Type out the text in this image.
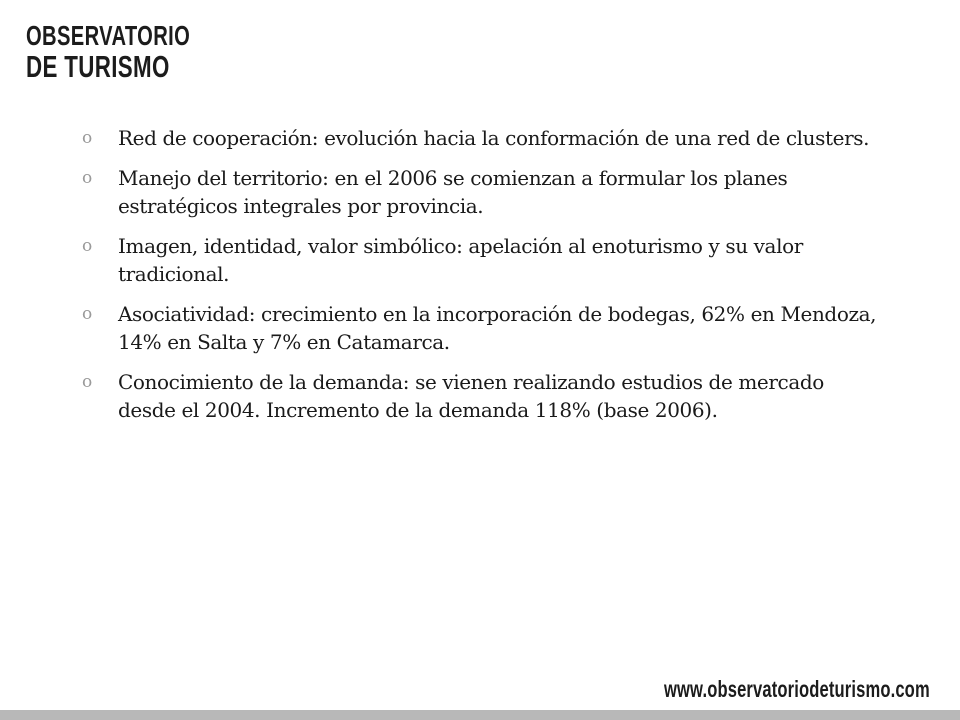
OBSERVATORIO
DE TURISMO
o Red de cooperación: evolución hacia la conformación de una red de clusters.
o Manejo del territorio: en el 2006 se comienzan a formular los planes estratégicos integrales por provincia.
o Imagen, identidad, valor simbólico: apelación al enoturismo y su valor tradicional.
o Asociatividad: crecimiento en la incorporación de bodegas, 62% en Mendoza, 14% en Salta y 7% en Catamarca.
o Conocimiento de la demanda: se vienen realizando estudios de mercado desde el 2004. Incremento de la demanda 118% (base 2006).
www.observatoriodeturismo.com
